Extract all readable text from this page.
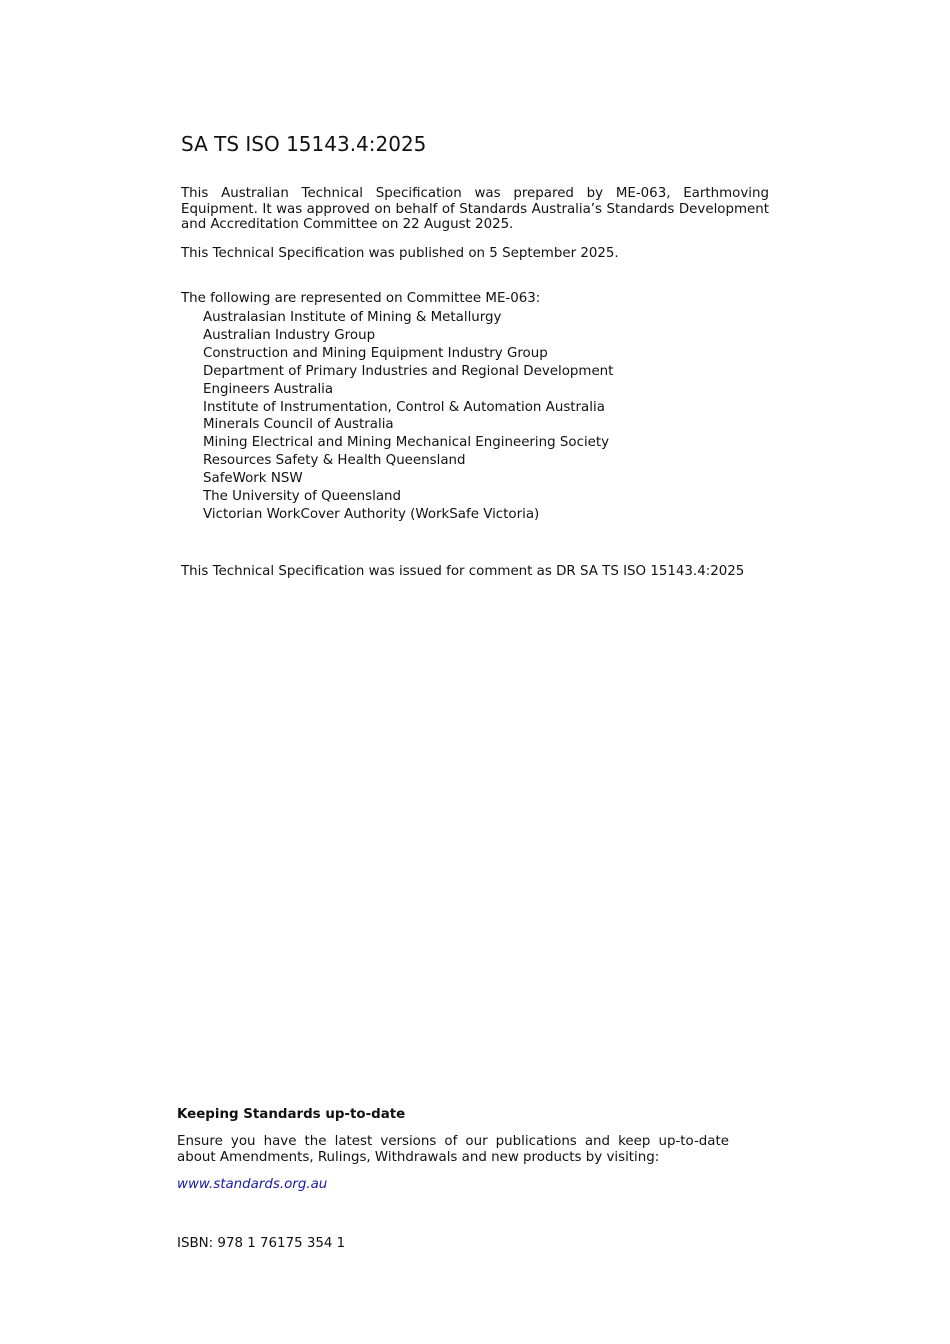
SA TS ISO 15143.4:2025

This Australian Technical Specification was prepared by ME-063, Earthmoving Equipment. It was approved on behalf of Standards Australia’s Standards Development and Accreditation Committee on 22 August 2025.

This Technical Specification was published on 5 September 2025.

The following are represented on Committee ME-063:

Australasian Institute of Mining & Metallurgy
Australian Industry Group
Construction and Mining Equipment Industry Group
Department of Primary Industries and Regional Development
Engineers Australia
Institute of Instrumentation, Control & Automation Australia
Minerals Council of Australia
Mining Electrical and Mining Mechanical Engineering Society
Resources Safety & Health Queensland
SafeWork NSW
The University of Queensland
Victorian WorkCover Authority (WorkSafe Victoria)

This Technical Specification was issued for comment as DR SA TS ISO 15143.4:2025

Keeping Standards up-to-date

Ensure you have the latest versions of our publications and keep up-to-date about Amendments, Rulings, Withdrawals and new products by visiting:

www.standards.org.au

ISBN: 978 1 76175 354 1
